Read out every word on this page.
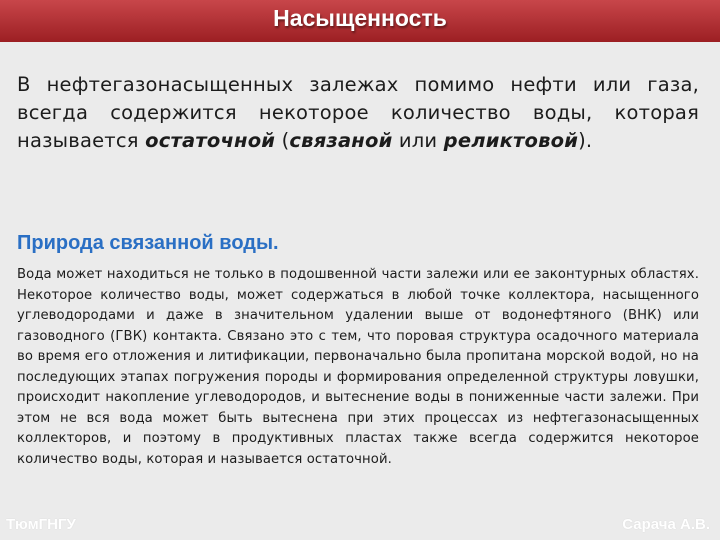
Насыщенность
В нефтегазонасыщенных залежах помимо нефти или газа, всегда содержится некоторое количество воды, которая называется остаточной (связаной или реликтовой).
Природа связанной воды.
Вода может находиться не только в подошвенной части залежи или ее законтурных областях. Некоторое количество воды, может содержаться в любой точке коллектора, насыщенного углеводородами и даже в значительном удалении выше от водонефтяного (ВНК) или газоводного (ГВК) контакта. Связано это с тем, что поровая структура осадочного материала во время его отложения и литификации, первоначально была пропитана морской водой, но на последующих этапах погружения породы и формирования определенной структуры ловушки, происходит накопление углеводородов, и вытеснение воды в пониженные части залежи. При этом не вся вода может быть вытеснена при этих процессах из нефтегазонасыщенных коллекторов, и поэтому в продуктивных пластах также всегда содержится некоторое количество воды, которая и называется остаточной.
ТюмГНГУ	Сарача А.В.
